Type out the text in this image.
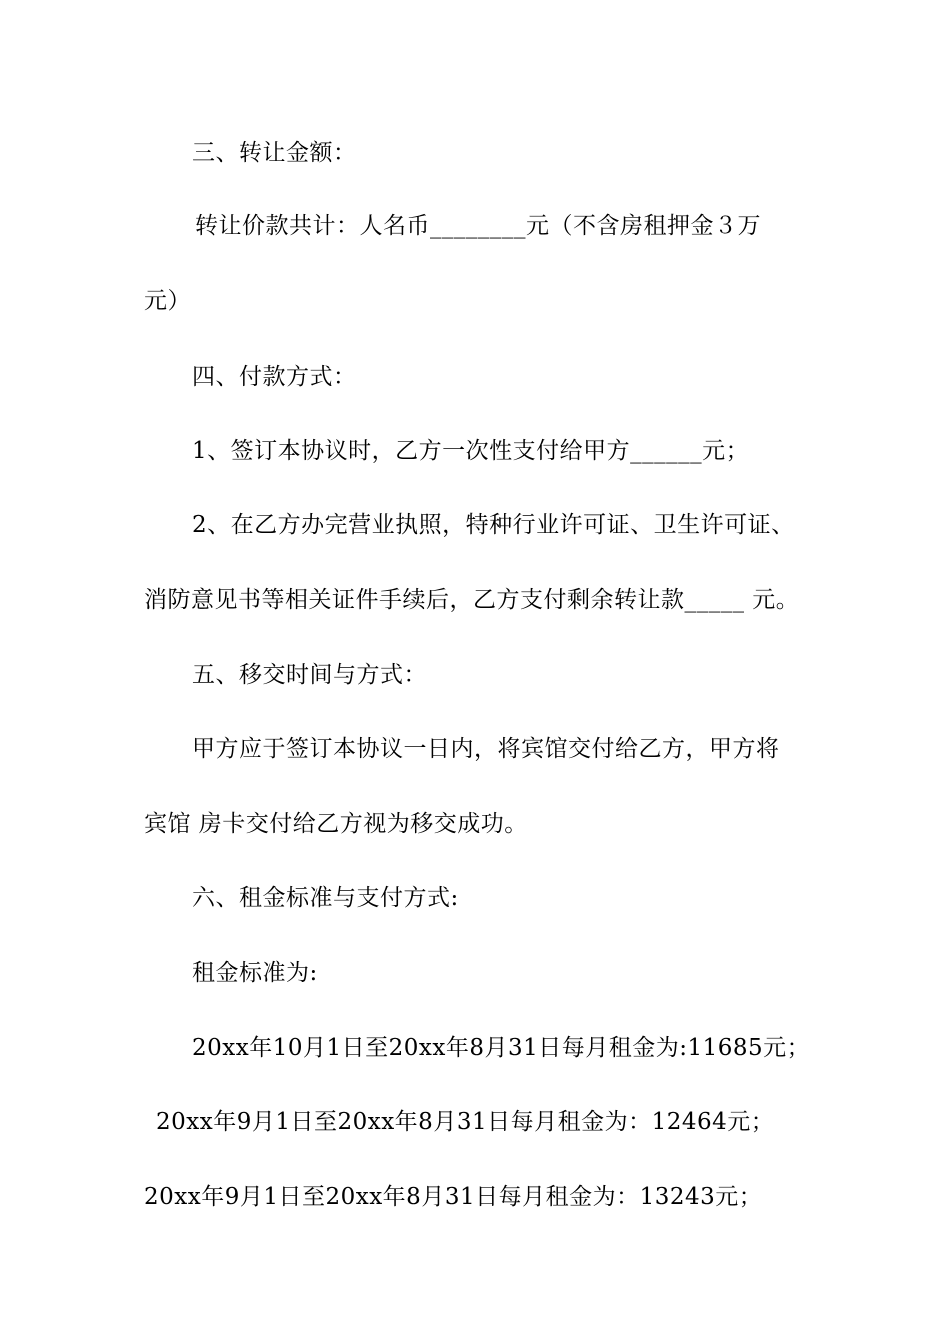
三、转让金额：
转让价款共计：人名币________元（不含房租押金３万
元）
四、付款方式：
1、签订本协议时，乙方一次性支付给甲方______元；
2、在乙方办完营业执照，特种行业许可证、卫生许可证、
消防意见书等相关证件手续后，乙方支付剩余转让款_____ 元。
五、移交时间与方式：
甲方应于签订本协议一日内，将宾馆交付给乙方，甲方将
宾馆 房卡交付给乙方视为移交成功。
六、租金标准与支付方式:
租金标准为:
20xx年10月1日至20xx年8月31日每月租金为:11685元；
20xx年9月1日至20xx年8月31日每月租金为：12464元；
20xx年9月1日至20xx年8月31日每月租金为：13243元；
